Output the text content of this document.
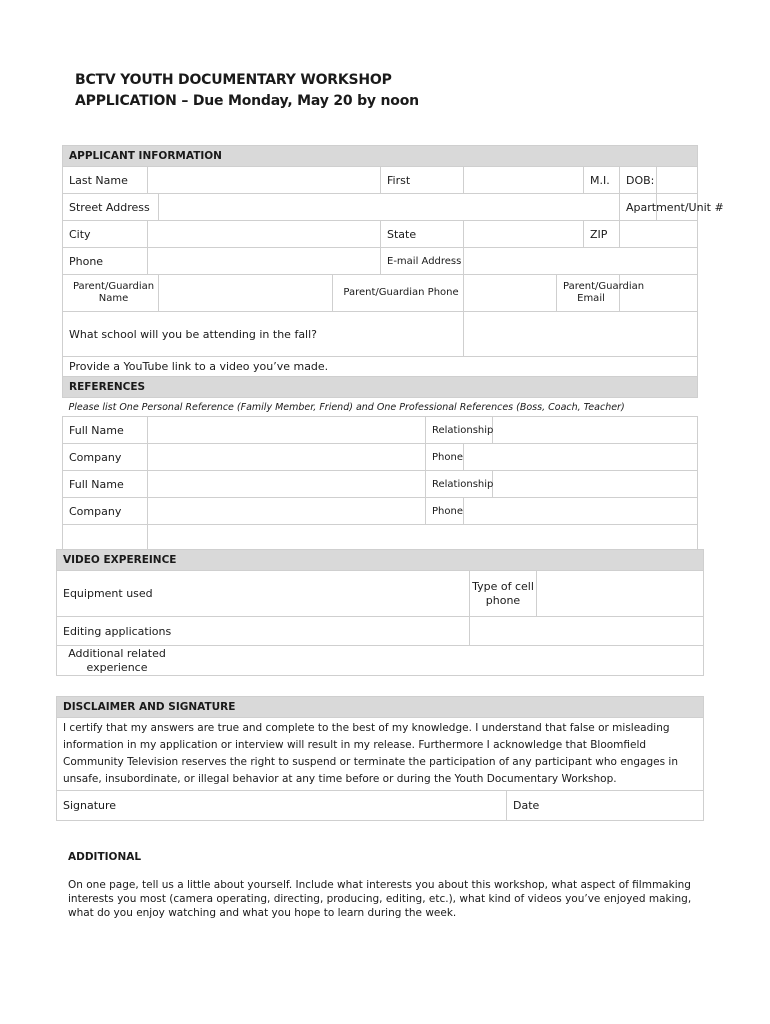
BCTV YOUTH DOCUMENTARY WORKSHOP
APPLICATION – Due Monday, May 20 by noon
APPLICANT INFORMATION											
Last Name				First					M.I.	DOB:	
Street Address										Apartment/Unit #	
City				State					ZIP		
Phone				E-mail Address							
Parent/Guardian Name			Parent/Guardian Phone					Parent/Guardian Email			
What school will you be attending in the fall?											
Provide a YouTube link to a video you’ve made.											
REFERENCES											
Please list One Personal Reference (Family Member, Friend) and One Professional References (Boss, Coach, Teacher)											
Full Name					Relationship						
Company					Phone						
Full Name					Relationship						
Company					Phone						

VIDEO EXPEREINCE		
Equipment used	Type of cell phone	
Editing applications		

Additional related experience		
DISCLAIMER AND SIGNATURE
I certify that my answers are true and complete to the best of my knowledge. I understand that false or misleading information in my application or interview will result in my release. Furthermore I acknowledge that Bloomfield Community Television reserves the right to suspend or terminate the participation of any participant who engages in unsafe, insubordinate, or illegal behavior at any time before or during the Youth Documentary Workshop.
Signature	Date
ADDITIONAL
On one page, tell us a little about yourself. Include what interests you about this workshop, what aspect of filmmaking interests you most (camera operating, directing, producing, editing, etc.), what kind of videos you’ve enjoyed making, what do you enjoy watching and what you hope to learn during the week.
